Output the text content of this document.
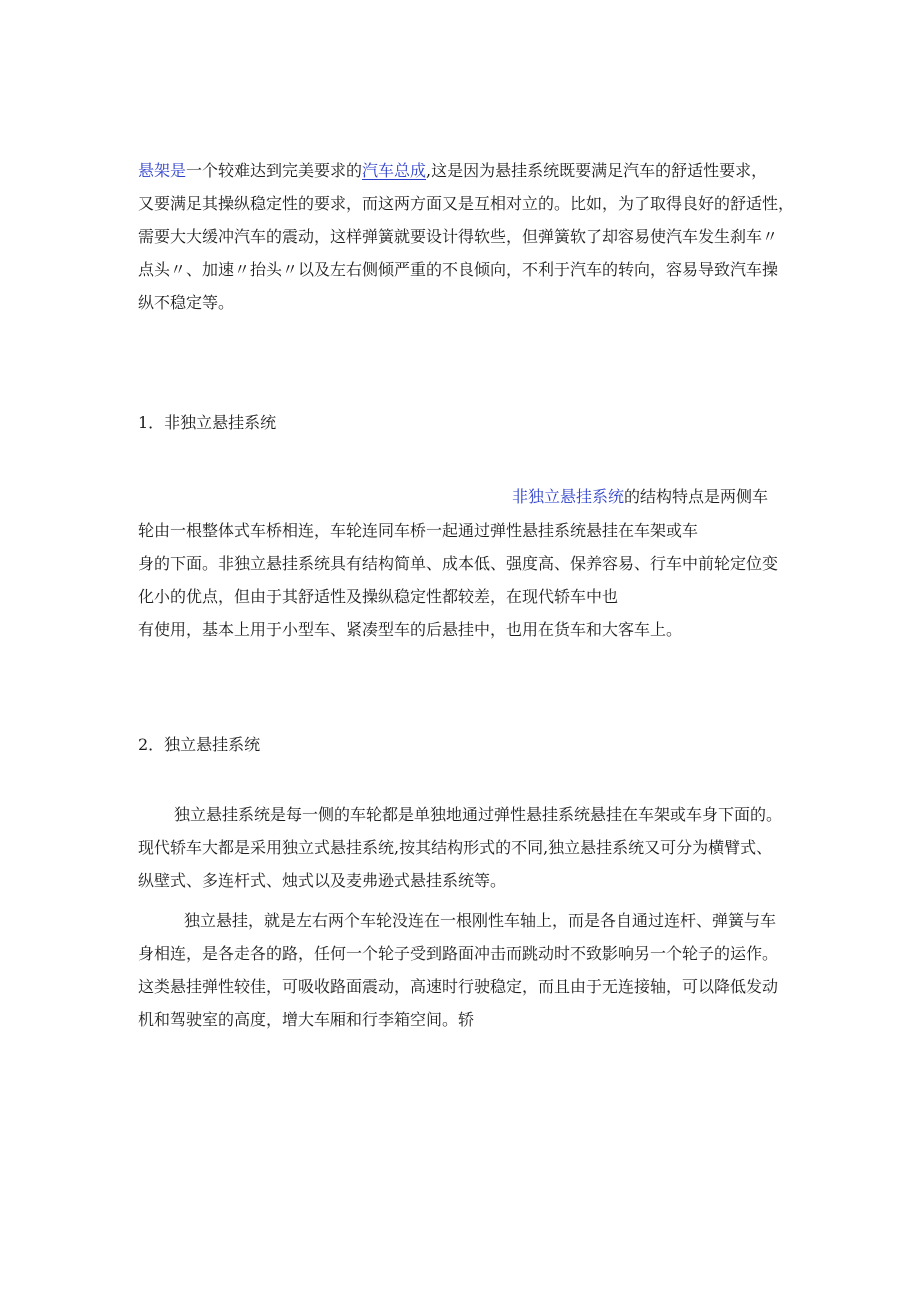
悬架是一个较难达到完美要求的汽车总成,这是因为悬挂系统既要满足汽车的舒适性要求，
又要满足其操纵稳定性的要求，而这两方面又是互相对立的。比如，为了取得良好的舒适性，
需要大大缓冲汽车的震动，这样弹簧就要设计得软些，但弹簧软了却容易使汽车发生刹车〃
点头〃、加速〃抬头〃以及左右侧倾严重的不良倾向，不利于汽车的转向，容易导致汽车操
纵不稳定等。
1．非独立悬挂系统
非独立悬挂系统的结构特点是两侧车
轮由一根整体式车桥相连，车轮连同车桥一起通过弹性悬挂系统悬挂在车架或车
身的下面。非独立悬挂系统具有结构简单、成本低、强度高、保养容易、行车中前轮定位变
化小的优点，但由于其舒适性及操纵稳定性都较差，在现代轿车中也
有使用，基本上用于小型车、紧凑型车的后悬挂中，也用在货车和大客车上。
2．独立悬挂系统
独立悬挂系统是每一侧的车轮都是单独地通过弹性悬挂系统悬挂在车架或车身下面的。
现代轿车大都是采用独立式悬挂系统,按其结构形式的不同,独立悬挂系统又可分为横臂式、
纵壁式、多连杆式、烛式以及麦弗逊式悬挂系统等。
独立悬挂，就是左右两个车轮没连在一根刚性车轴上，而是各自通过连杆、弹簧与车
身相连，是各走各的路，任何一个轮子受到路面冲击而跳动时不致影响另一个轮子的运作。
这类悬挂弹性较佳，可吸收路面震动，高速时行驶稳定，而且由于无连接轴，可以降低发动
机和驾驶室的高度，增大车厢和行李箱空间。轿
